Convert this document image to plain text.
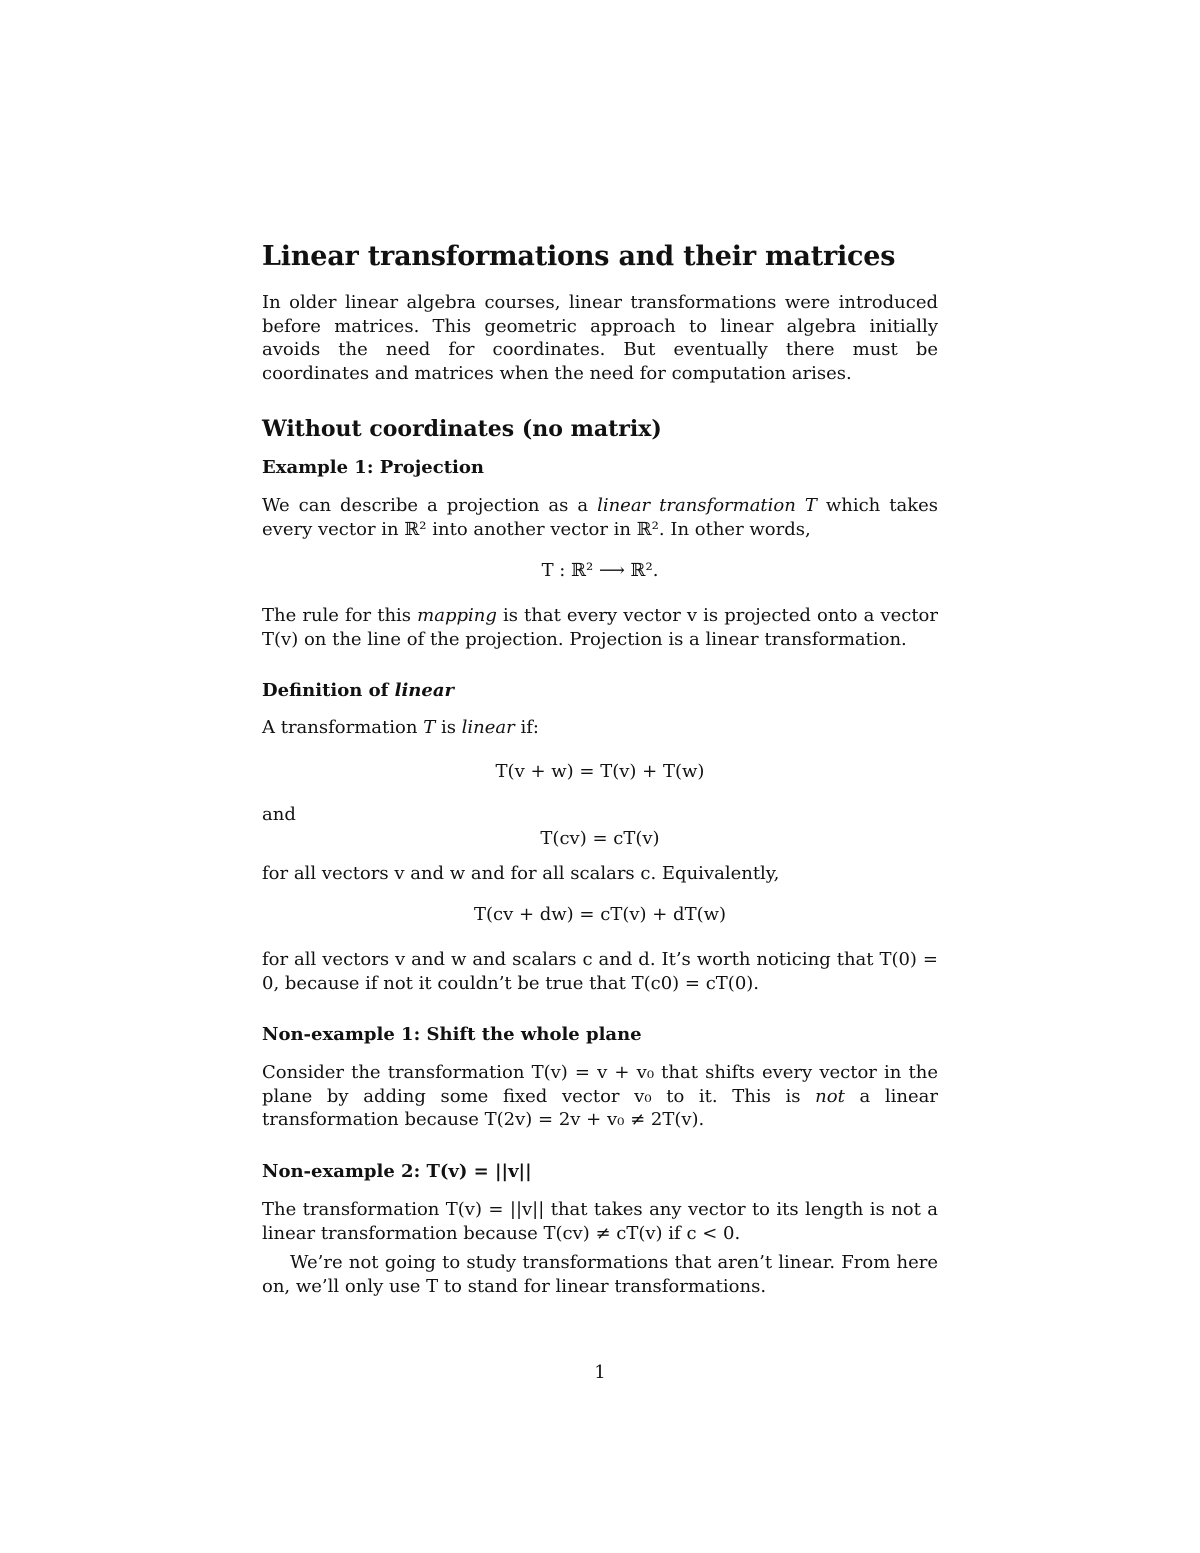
Linear transformations and their matrices

In older linear algebra courses, linear transformations were introduced before matrices. This geometric approach to linear algebra initially avoids the need for coordinates. But eventually there must be coordinates and matrices when the need for computation arises.

Without coordinates (no matrix)
Example 1: Projection

We can describe a projection as a linear transformation T which takes every vector in ℝ² into another vector in ℝ². In other words,

T : ℝ² ⟶ ℝ².

The rule for this mapping is that every vector v is projected onto a vector T(v) on the line of the projection. Projection is a linear transformation.

Definition of linear

A transformation T is linear if:

T(v + w) = T(v) + T(w)

and

T(cv) = cT(v)

for all vectors v and w and for all scalars c. Equivalently,

T(cv + dw) = cT(v) + dT(w)

for all vectors v and w and scalars c and d. It’s worth noticing that T(0) = 0, because if not it couldn’t be true that T(c0) = cT(0).

Non-example 1: Shift the whole plane

Consider the transformation T(v) = v + v₀ that shifts every vector in the plane by adding some fixed vector v₀ to it. This is not a linear transformation because T(2v) = 2v + v₀ ≠ 2T(v).

Non-example 2: T(v) = ||v||

The transformation T(v) = ||v|| that takes any vector to its length is not a linear transformation because T(cv) ≠ cT(v) if c < 0.

We’re not going to study transformations that aren’t linear. From here on, we’ll only use T to stand for linear transformations.

1
